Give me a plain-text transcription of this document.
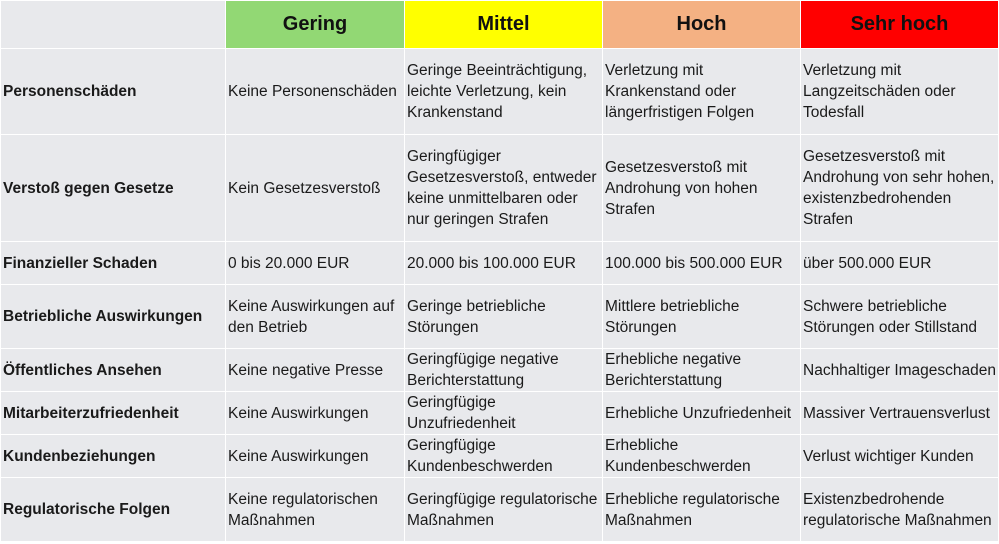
	Gering	Mittel	Hoch	Sehr hoch
Personenschäden	Keine Personenschäden	Geringe Beeinträchtigung, leichte Verletzung, kein Krankenstand	Verletzung mit Krankenstand oder längerfristigen Folgen	Verletzung mit Langzeitschäden oder Todesfall
Verstoß gegen Gesetze	Kein Gesetzesverstoß	Geringfügiger Gesetzesverstoß, entweder keine unmittelbaren oder nur geringen Strafen	Gesetzesverstoß mit Androhung von hohen Strafen	Gesetzesverstoß mit Androhung von sehr hohen, existenzbedrohenden Strafen
Finanzieller Schaden	0 bis 20.000 EUR	20.000 bis 100.000 EUR	100.000 bis 500.000 EUR	über 500.000 EUR
Betriebliche Auswirkungen	Keine Auswirkungen auf den Betrieb	Geringe betriebliche Störungen	Mittlere betriebliche Störungen	Schwere betriebliche Störungen oder Stillstand
Öffentliches Ansehen	Keine negative Presse	Geringfügige negative Berichterstattung	Erhebliche negative Berichterstattung	Nachhaltiger Imageschaden
Mitarbeiterzufriedenheit	Keine Auswirkungen	Geringfügige Unzufriedenheit	Erhebliche Unzufriedenheit	Massiver Vertrauensverlust
Kundenbeziehungen	Keine Auswirkungen	Geringfügige Kundenbeschwerden	Erhebliche Kundenbeschwerden	Verlust wichtiger Kunden
Regulatorische Folgen	Keine regulatorischen Maßnahmen	Geringfügige regulatorische Maßnahmen	Erhebliche regulatorische Maßnahmen	Existenzbedrohende regulatorische Maßnahmen
